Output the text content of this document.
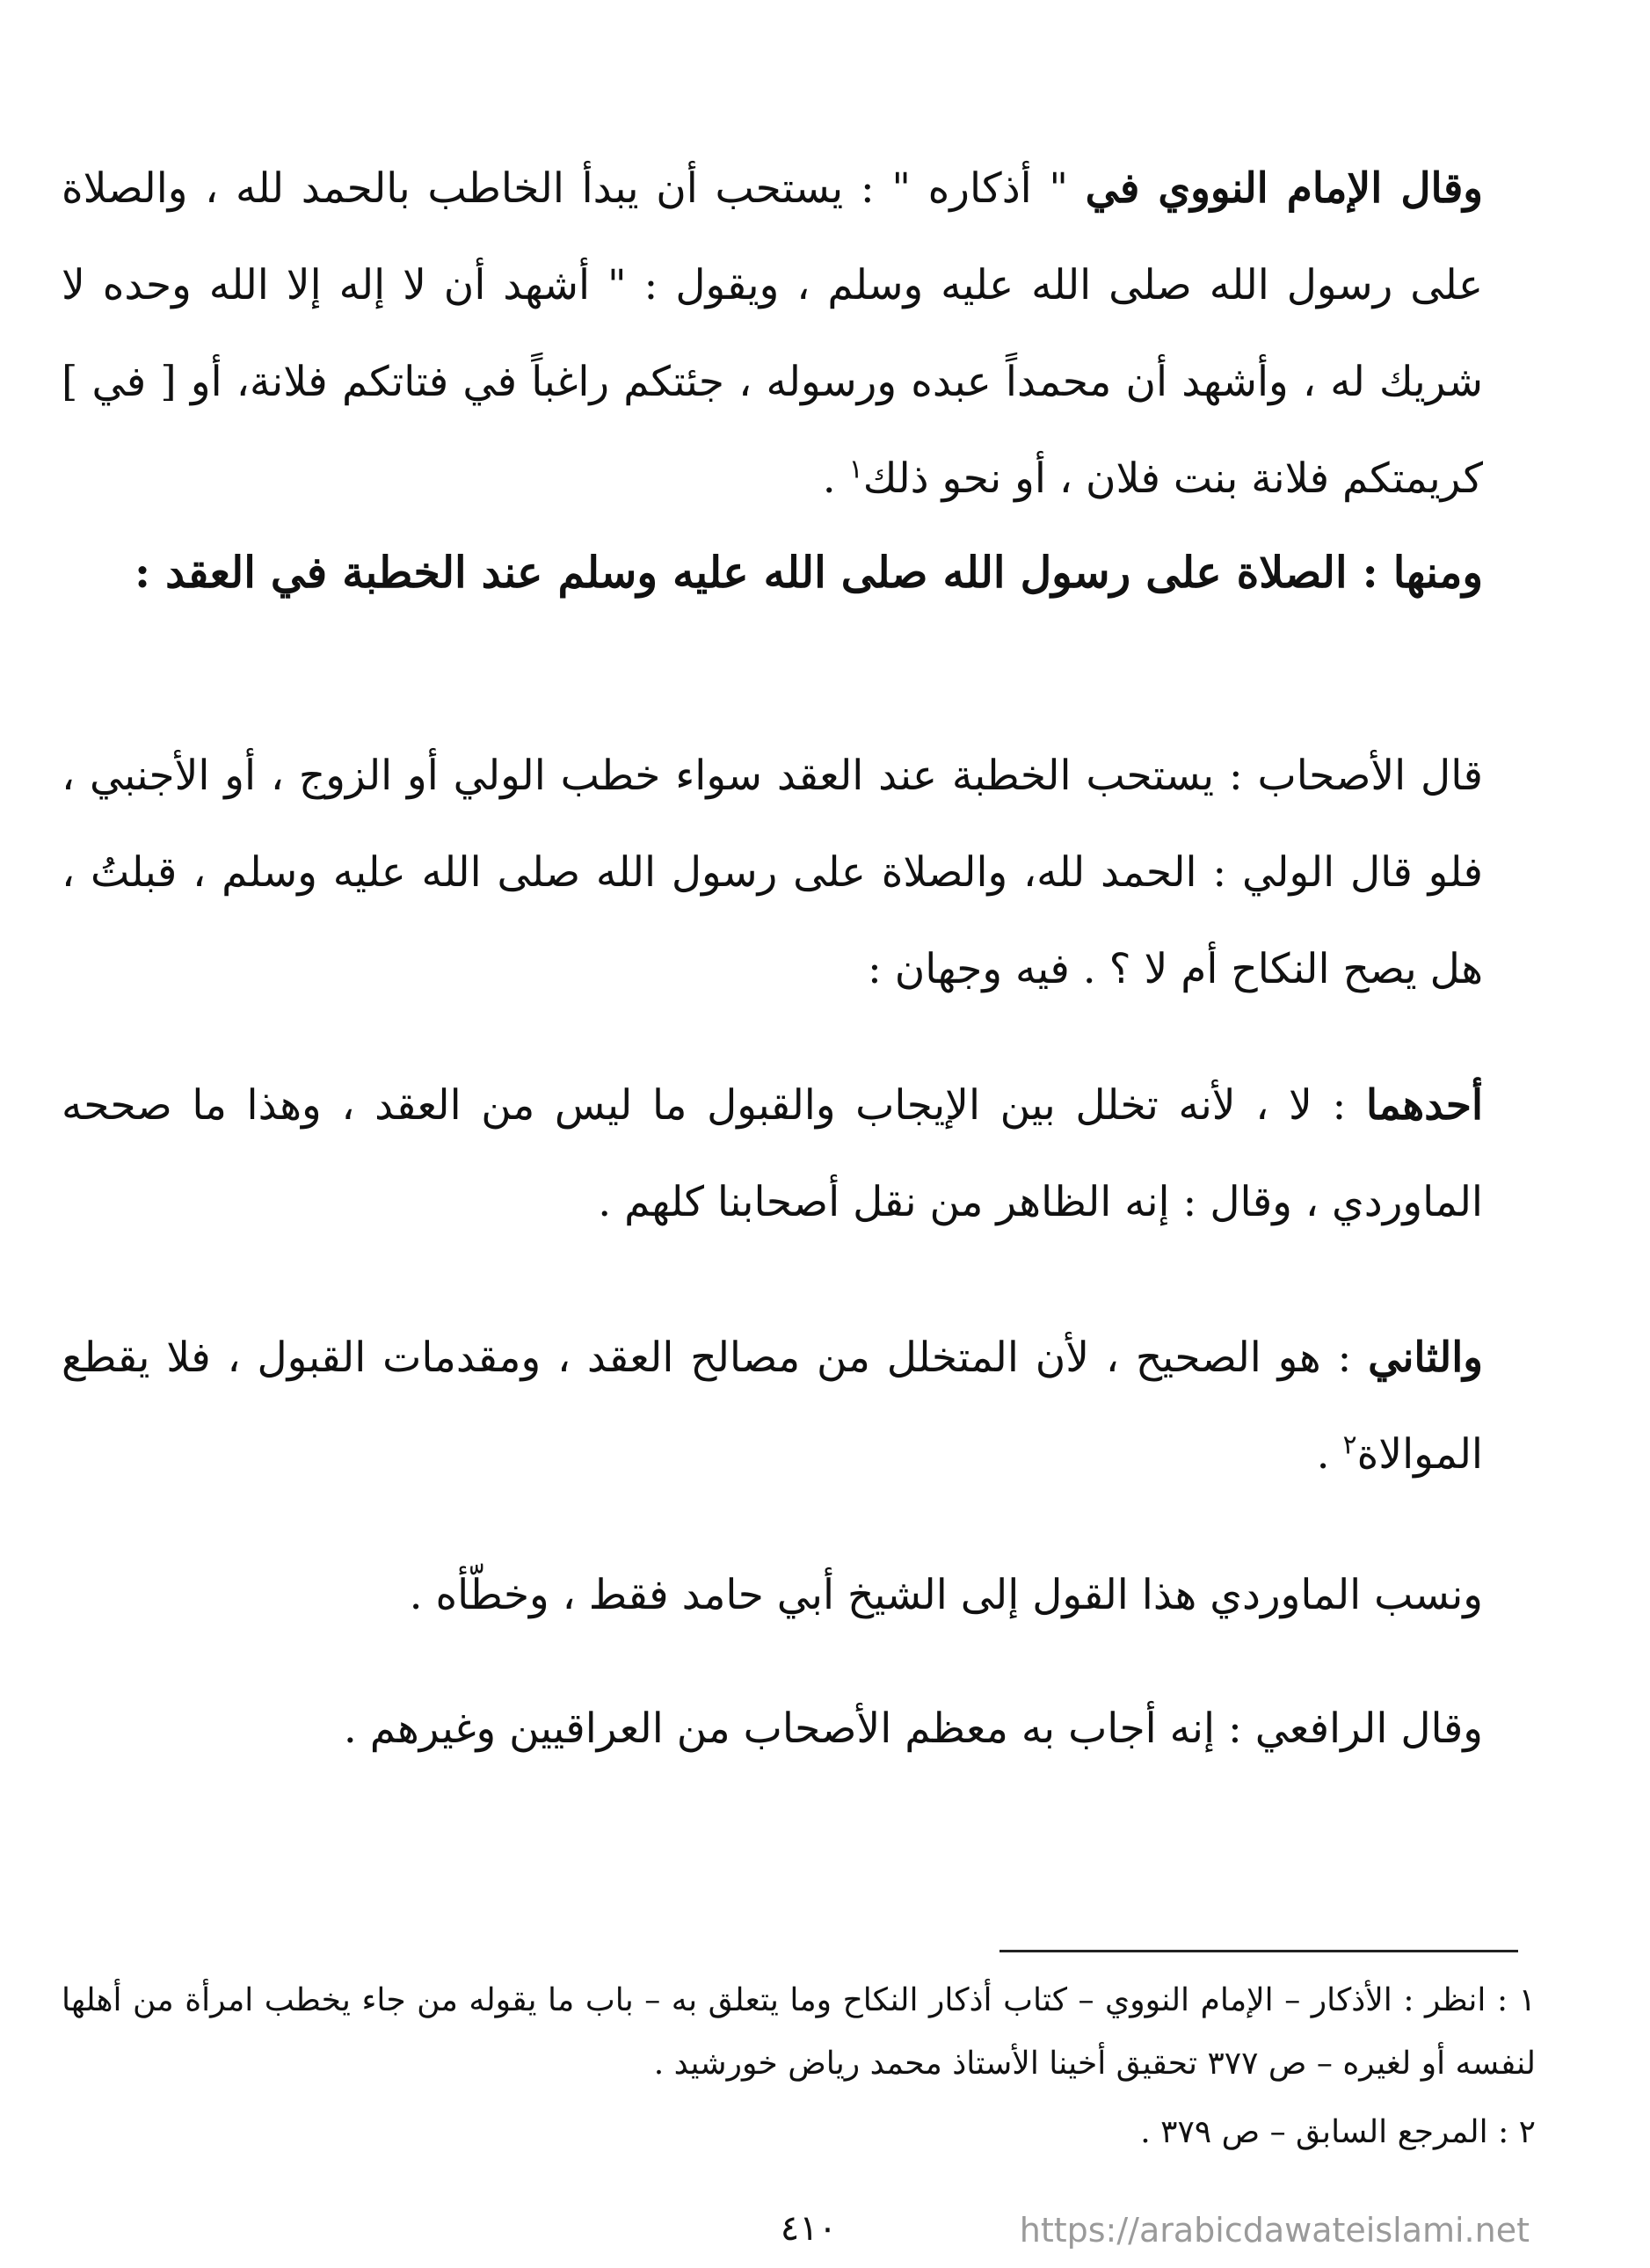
وقال الإمام النووي في " أذكاره " : يستحب أن يبدأ الخاطب بالحمد لله ، والصلاة على رسول الله صلى الله عليه وسلم ، ويقول : " أشهد أن لا إله إلا الله وحده لا شريك له ، وأشهد أن محمداً عبده ورسوله ، جئتكم راغباً في فتاتكم فلانة، أو [ في ] كريمتكم فلانة بنت فلان ، أو نحو ذلك$^١$ .

ومنها : الصلاة على رسول الله صلى الله عليه وسلم عند الخطبة في العقد :

قال الأصحاب : يستحب الخطبة عند العقد سواء خطب الولي أو الزوج ، أو الأجنبي ، فلو قال الولي : الحمد لله، والصلاة على رسول الله صلى الله عليه وسلم ، قبلتُ ، هل يصح النكاح أم لا ؟ . فيه وجهان :

أحدهما : لا ، لأنه تخلل بين الإيجاب والقبول ما ليس من العقد ، وهذا ما صححه الماوردي ، وقال : إنه الظاهر من نقل أصحابنا كلهم .

والثاني : هو الصحيح ، لأن المتخلل من مصالح العقد ، ومقدمات القبول ، فلا يقطع الموالاة$^٢$ .

ونسب الماوردي هذا القول إلى الشيخ أبي حامد فقط ، وخطّأه .

وقال الرافعي : إنه أجاب به معظم الأصحاب من العراقيين وغيرهم .

١ : انظر : الأذكار – الإمام النووي – كتاب أذكار النكاح وما يتعلق به – باب ما يقوله من جاء يخطب امرأة من أهلها لنفسه أو لغيره – ص ٣٧٧ تحقيق أخينا الأستاذ محمد رياض خورشيد .

٢ : المرجع السابق – ص ٣٧٩ .

٤١٠	https://arabicdawateislami.net
